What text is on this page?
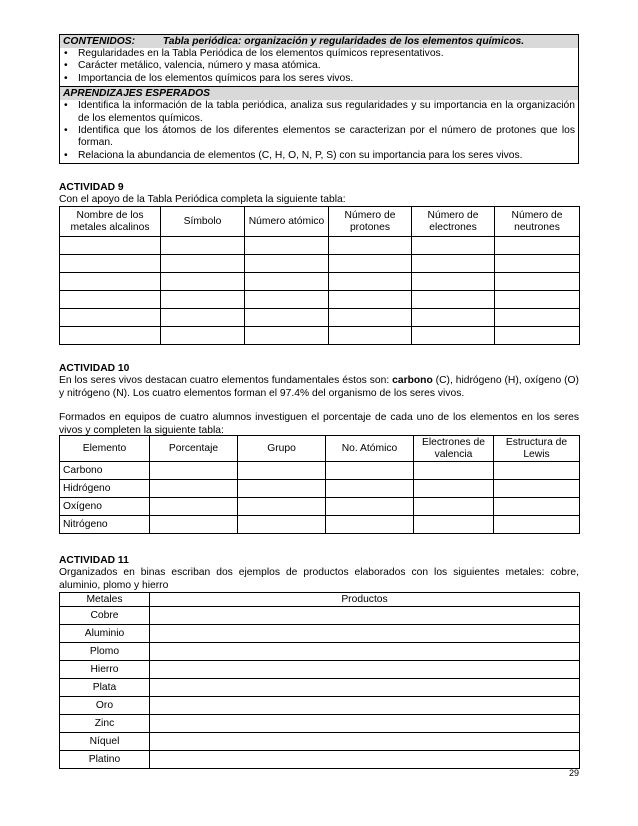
CONTENIDOS:	Tabla periódica: organización y regularidades de los elementos químicos.
• Regularidades en la Tabla Periódica de los elementos químicos representativos.
• Carácter metálico, valencia, número y masa atómica.
• Importancia de los elementos químicos para los seres vivos.
APRENDIZAJES ESPERADOS
• Identifica la información de la tabla periódica, analiza sus regularidades y su importancia en la organización de los elementos químicos.
• Identifica que los átomos de los diferentes elementos se caracterizan por el número de protones que los forman.
• Relaciona la abundancia de elementos (C, H, O, N, P, S) con su importancia para los seres vivos.
ACTIVIDAD 9
Con el apoyo de la Tabla Periódica completa la siguiente tabla:
Nombre de los metales alcalinos	Símbolo	Número atómico	Número de protones	Número de electrones	Número de neutrones

ACTIVIDAD 10
En los seres vivos destacan cuatro elementos fundamentales éstos son: carbono (C), hidrógeno (H), oxígeno (O) y nitrógeno (N). Los cuatro elementos forman el 97.4% del organismo de los seres vivos.
Formados en equipos de cuatro alumnos investiguen el porcentaje de cada uno de los elementos en los seres vivos y completen la siguiente tabla:
Elemento	Porcentaje	Grupo	No. Atómico	Electrones de valencia	Estructura de Lewis
Carbono					
Hidrógeno					
Oxígeno					
Nitrógeno					
ACTIVIDAD 11
Organizados en binas escriban dos ejemplos de productos elaborados con los siguientes metales: cobre, aluminio, plomo y hierro
Metales	Productos
Cobre	
Aluminio	
Plomo	
Hierro	
Plata	
Oro	
Zinc	
Níquel	
Platino	
29
